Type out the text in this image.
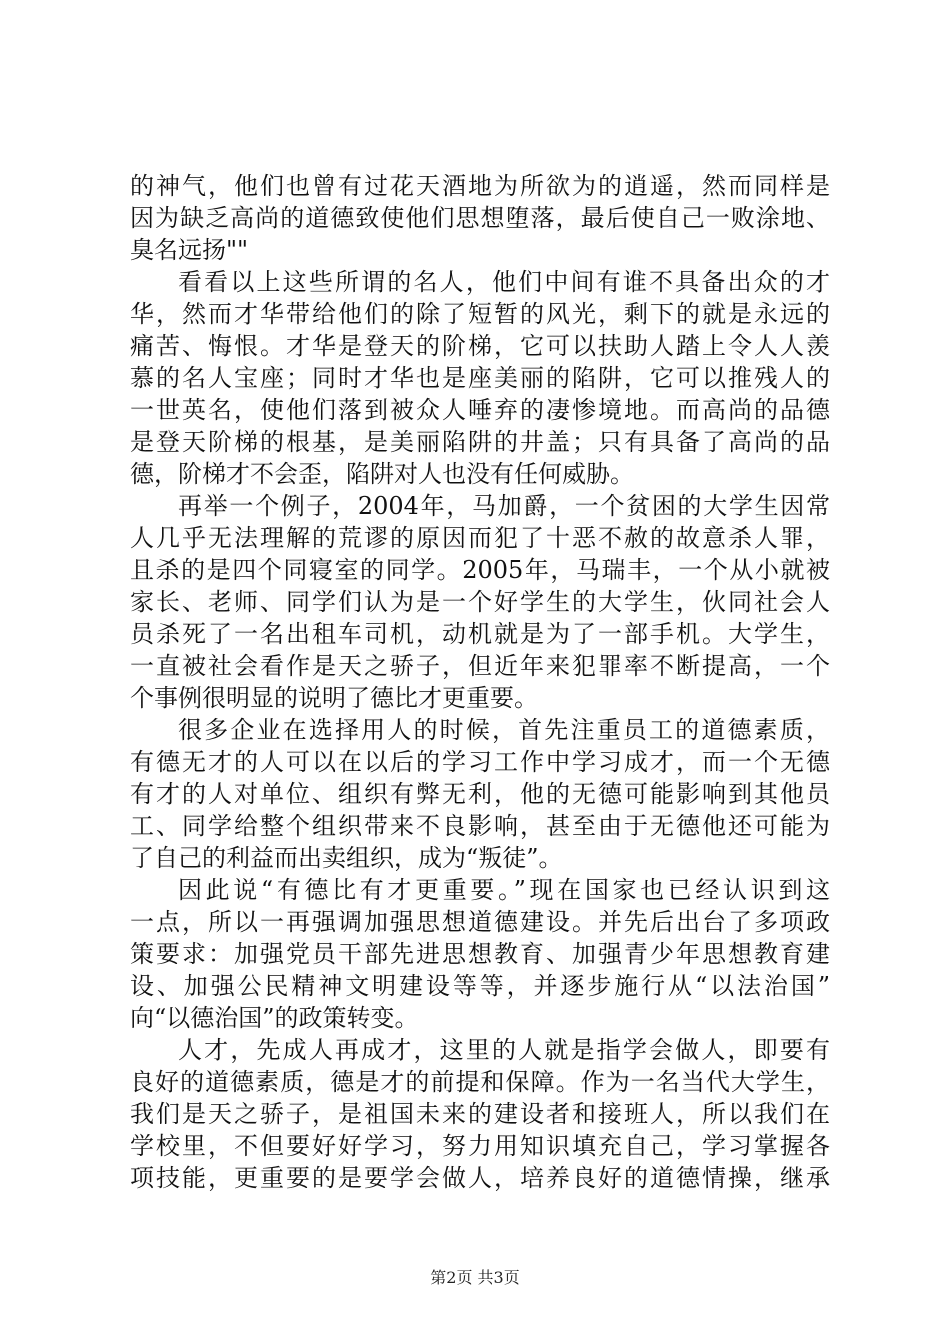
的神气，他们也曾有过花天酒地为所欲为的逍遥，然而同样是
因为缺乏高尚的道德致使他们思想堕落，最后使自己一败涂地、
臭名远扬""
看看以上这些所谓的名人，他们中间有谁不具备出众的才
华，然而才华带给他们的除了短暂的风光，剩下的就是永远的
痛苦、悔恨。才华是登天的阶梯，它可以扶助人踏上令人人羡
慕的名人宝座；同时才华也是座美丽的陷阱，它可以推残人的
一世英名，使他们落到被众人唾弃的凄惨境地。而高尚的品德
是登天阶梯的根基，是美丽陷阱的井盖；只有具备了高尚的品
德，阶梯才不会歪，陷阱对人也没有任何威胁。
再举一个例子，2004年，马加爵，一个贫困的大学生因常
人几乎无法理解的荒谬的原因而犯了十恶不赦的故意杀人罪，
且杀的是四个同寝室的同学。2005年，马瑞丰，一个从小就被
家长、老师、同学们认为是一个好学生的大学生，伙同社会人
员杀死了一名出租车司机，动机就是为了一部手机。大学生，
一直被社会看作是天之骄子，但近年来犯罪率不断提高，一个
个事例很明显的说明了德比才更重要。
很多企业在选择用人的时候，首先注重员工的道德素质，
有德无才的人可以在以后的学习工作中学习成才，而一个无德
有才的人对单位、组织有弊无利，他的无德可能影响到其他员
工、同学给整个组织带来不良影响，甚至由于无德他还可能为
了自己的利益而出卖组织，成为“叛徒”。
因此说“有德比有才更重要。”现在国家也已经认识到这
一点，所以一再强调加强思想道德建设。并先后出台了多项政
策要求：加强党员干部先进思想教育、加强青少年思想教育建
设、加强公民精神文明建设等等，并逐步施行从“以法治国”
向“以德治国”的政策转变。
人才，先成人再成才，这里的人就是指学会做人，即要有
良好的道德素质，德是才的前提和保障。作为一名当代大学生，
我们是天之骄子，是祖国未来的建设者和接班人，所以我们在
学校里，不但要好好学习，努力用知识填充自己，学习掌握各
项技能，更重要的是要学会做人，培养良好的道德情操，继承
第2页 共3页
